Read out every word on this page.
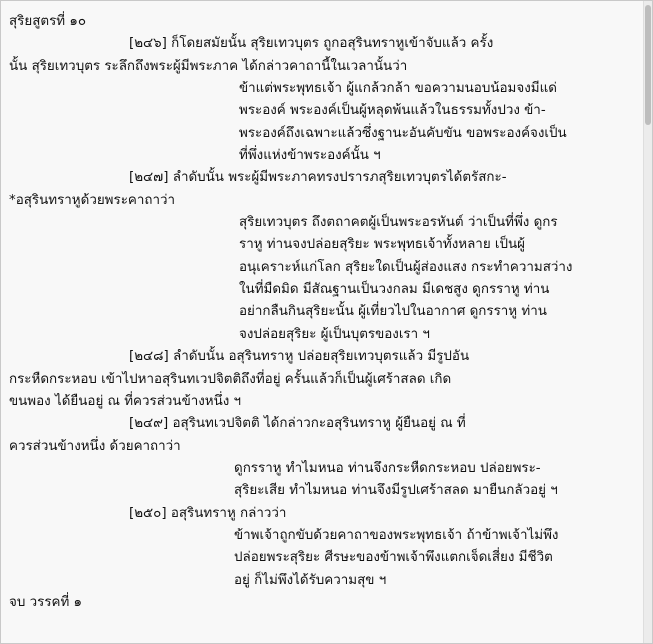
สุริยสูตรที่ ๑๐
[๒๔๖] ก็โดยสมัยนั้น สุริยเทวบุตร ถูกอสุรินทราหูเข้าจับแล้ว ครั้ง
นั้น สุริยเทวบุตร ระลึกถึงพระผู้มีพระภาค ได้กล่าวคาถานี้ในเวลานั้นว่า
ข้าแต่พระพุทธเจ้า ผู้แกล้วกล้า ขอความนอบน้อมจงมีแด่
พระองค์ พระองค์เป็นผู้หลุดพ้นแล้วในธรรมทั้งปวง ข้า-
พระองค์ถึงเฉพาะแล้วซึ่งฐานะอันคับขัน ขอพระองค์จงเป็น
ที่พึ่งแห่งข้าพระองค์นั้น ฯ
[๒๔๗] ลำดับนั้น พระผู้มีพระภาคทรงปรารภสุริยเทวบุตรได้ตรัสกะ-
*อสุรินทราหูด้วยพระคาถาว่า
สุริยเทวบุตร ถึงตถาคตผู้เป็นพระอรหันต์ ว่าเป็นที่พึ่ง ดูกร
ราหู ท่านจงปล่อยสุริยะ พระพุทธเจ้าทั้งหลาย เป็นผู้
อนุเคราะห์แก่โลก สุริยะใดเป็นผู้ส่องแสง กระทำความสว่าง
ในที่มืดมิด มีสัณฐานเป็นวงกลม มีเดชสูง ดูกรราหู ท่าน
อย่ากลืนกินสุริยะนั้น ผู้เที่ยวไปในอากาศ ดูกรราหู ท่าน
จงปล่อยสุริยะ ผู้เป็นบุตรของเรา ฯ
[๒๔๘] ลำดับนั้น อสุรินทราหู ปล่อยสุริยเทวบุตรแล้ว มีรูปอัน
กระหืดกระหอบ เข้าไปหาอสุรินทเวปจิตติถึงที่อยู่ ครั้นแล้วก็เป็นผู้เศร้าสลด เกิด
ขนพอง ได้ยืนอยู่ ณ ที่ควรส่วนข้างหนึ่ง ฯ
[๒๔๙] อสุรินทเวปจิตติ ได้กล่าวกะอสุรินทราหู ผู้ยืนอยู่ ณ ที่
ควรส่วนข้างหนึ่ง ด้วยคาถาว่า
ดูกรราหู ทำไมหนอ ท่านจึงกระหืดกระหอบ ปล่อยพระ-
สุริยะเสีย ทำไมหนอ ท่านจึงมีรูปเศร้าสลด มายืนกลัวอยู่ ฯ
[๒๕๐] อสุรินทราหู กล่าวว่า
ข้าพเจ้าถูกขับด้วยคาถาของพระพุทธเจ้า ถ้าข้าพเจ้าไม่พึง
ปล่อยพระสุริยะ ศีรษะของข้าพเจ้าพึงแตกเจ็ดเสี่ยง มีชีวิต
อยู่ ก็ไม่พึงได้รับความสุข ฯ
จบ วรรคที่ ๑
